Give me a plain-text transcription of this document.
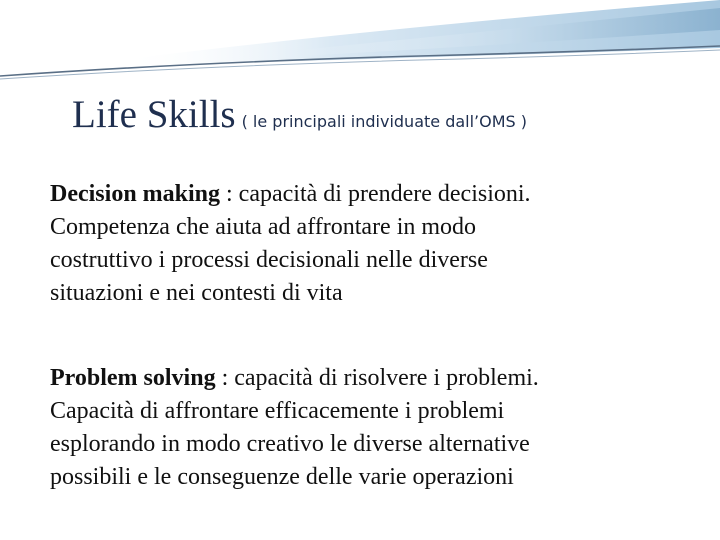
Life Skills ( le principali individuate dall’OMS )
Decision making : capacità di prendere decisioni.
Competenza che aiuta ad affrontare in modo
costruttivo i processi decisionali nelle diverse
situazioni e nei contesti di vita
Problem solving : capacità di risolvere i problemi.
Capacità di affrontare efficacemente i problemi
esplorando in modo creativo le diverse alternative
possibili e le conseguenze delle varie operazioni
